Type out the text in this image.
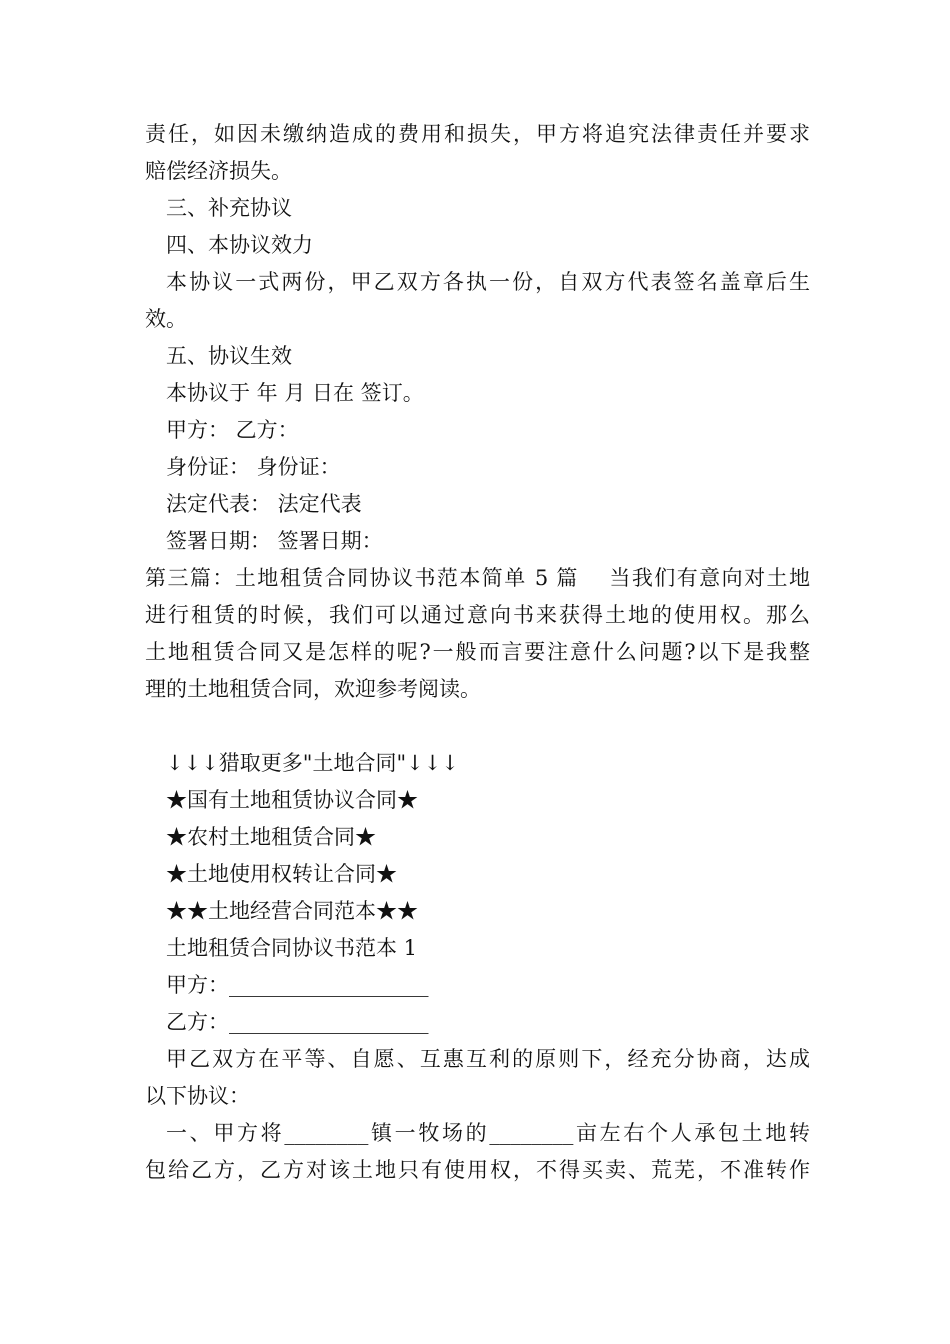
责任，如因未缴纳造成的费用和损失，甲方将追究法律责任并要求
赔偿经济损失。
三、补充协议
四、本协议效力
本协议一式两份，甲乙双方各执一份，自双方代表签名盖章后生
效。
五、协议生效
本协议于 年 月 日在 签订。
甲方： 乙方：
身份证： 身份证：
法定代表： 法定代表
签署日期： 签署日期：
第三篇：土地租赁合同协议书范本简单 5 篇　 当我们有意向对土地
进行租赁的时候，我们可以通过意向书来获得土地的使用权。那么
土地租赁合同又是怎样的呢?一般而言要注意什么问题?以下是我整
理的土地租赁合同，欢迎参考阅读。
↓↓↓猎取更多"土地合同"↓↓↓
★国有土地租赁协议合同★
★农村土地租赁合同★
★土地使用权转让合同★
★★土地经营合同范本★★
土地租赁合同协议书范本 1
甲方：___________________
乙方：___________________
甲乙双方在平等、自愿、互惠互利的原则下，经充分协商，达成
以下协议：
一、甲方将________镇一牧场的________亩左右个人承包土地转
包给乙方，乙方对该土地只有使用权，不得买卖、荒芜，不准转作
